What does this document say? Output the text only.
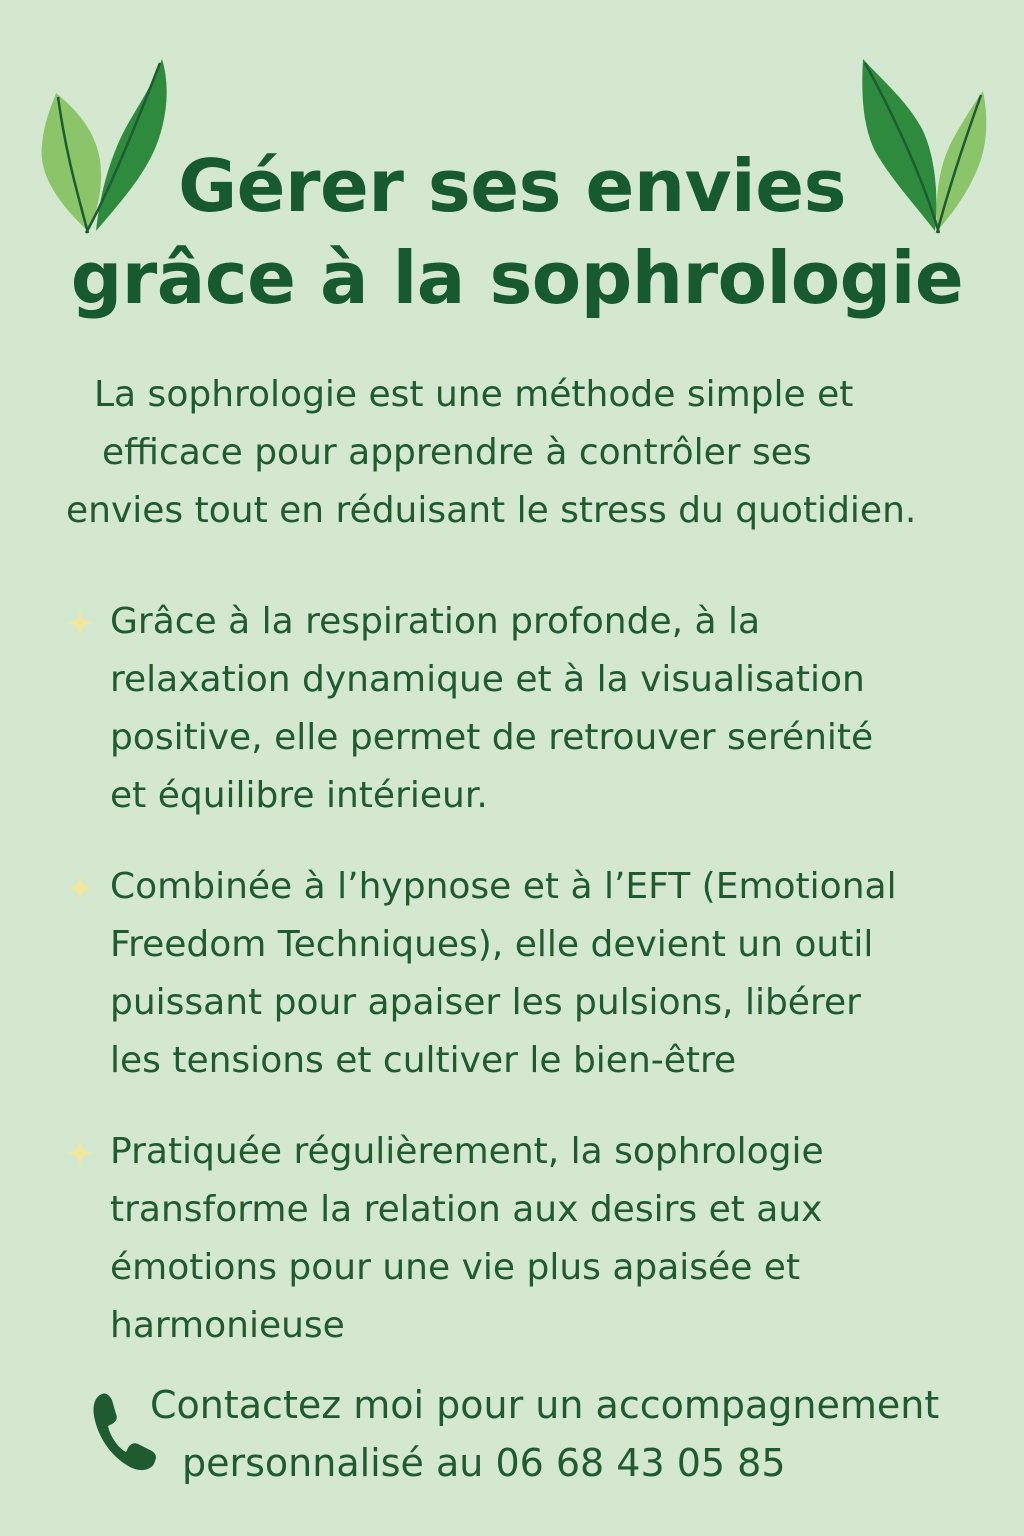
Gérer ses envies
grâce à la sophrologie

La sophrologie est une méthode simple et
efficace pour apprendre à contrôler ses
envies tout en réduisant le stress du quotidien.

Grâce à la respiration profonde, à la
relaxation dynamique et à la visualisation
positive, elle permet de retrouver serénité
et équilibre intérieur.
Combinée à l’hypnose et à l’EFT (Emotional
Freedom Techniques), elle devient un outil
puissant pour apaiser les pulsions, libérer
les tensions et cultiver le bien-être
Pratiquée régulièrement, la sophrologie
transforme la relation aux desirs et aux
émotions pour une vie plus apaisée et
harmonieuse
Contactez moi pour un accompagnement
personnalisé au 06 68 43 05 85
